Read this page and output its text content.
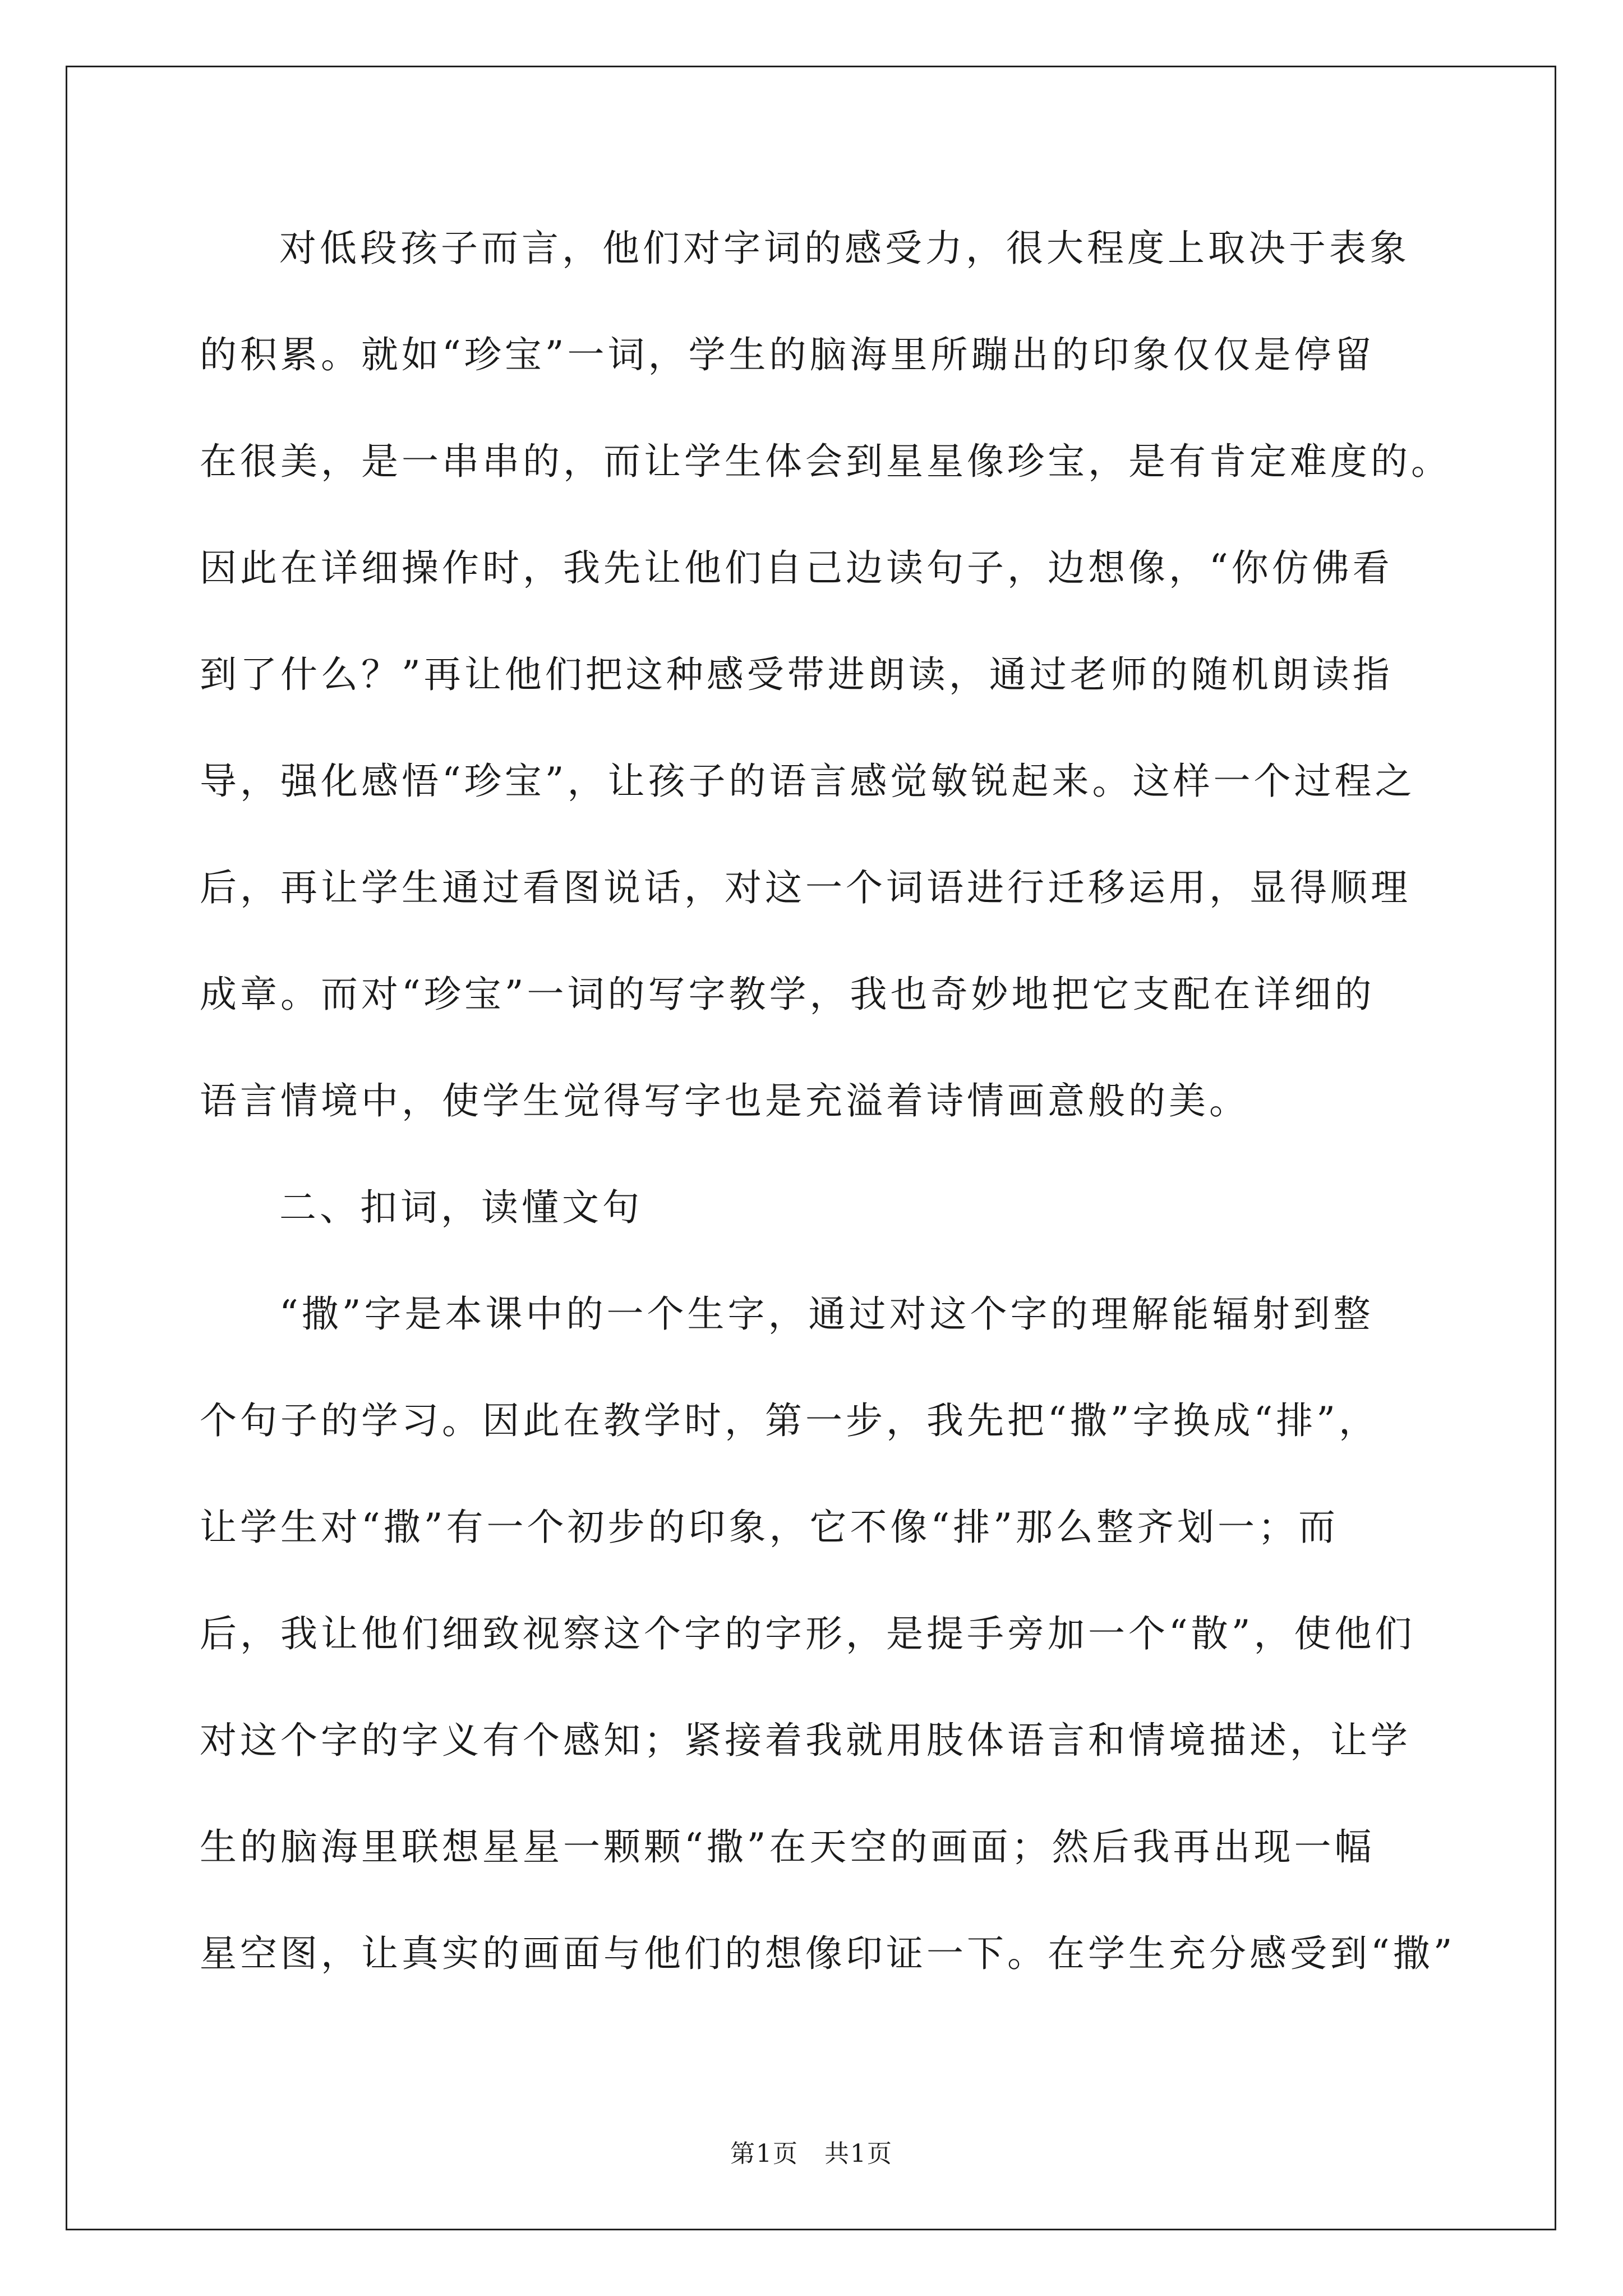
对低段孩子而言，他们对字词的感受力，很大程度上取决于表象
的积累。就如“珍宝”一词，学生的脑海里所蹦出的印象仅仅是停留
在很美，是一串串的，而让学生体会到星星像珍宝，是有肯定难度的。
因此在详细操作时，我先让他们自己边读句子，边想像，“你仿佛看
到了什么？”再让他们把这种感受带进朗读，通过老师的随机朗读指
导，强化感悟“珍宝”，让孩子的语言感觉敏锐起来。这样一个过程之
后，再让学生通过看图说话，对这一个词语进行迁移运用，显得顺理
成章。而对“珍宝”一词的写字教学，我也奇妙地把它支配在详细的
语言情境中，使学生觉得写字也是充溢着诗情画意般的美。
二、扣词，读懂文句
“撒”字是本课中的一个生字，通过对这个字的理解能辐射到整
个句子的学习。因此在教学时，第一步，我先把“撒”字换成“排”，
让学生对“撒”有一个初步的印象，它不像“排”那么整齐划一；而
后，我让他们细致视察这个字的字形，是提手旁加一个“散”，使他们
对这个字的字义有个感知；紧接着我就用肢体语言和情境描述，让学
生的脑海里联想星星一颗颗“撒”在天空的画面；然后我再出现一幅
星空图，让真实的画面与他们的想像印证一下。在学生充分感受到“撒”
第1页　共1页
